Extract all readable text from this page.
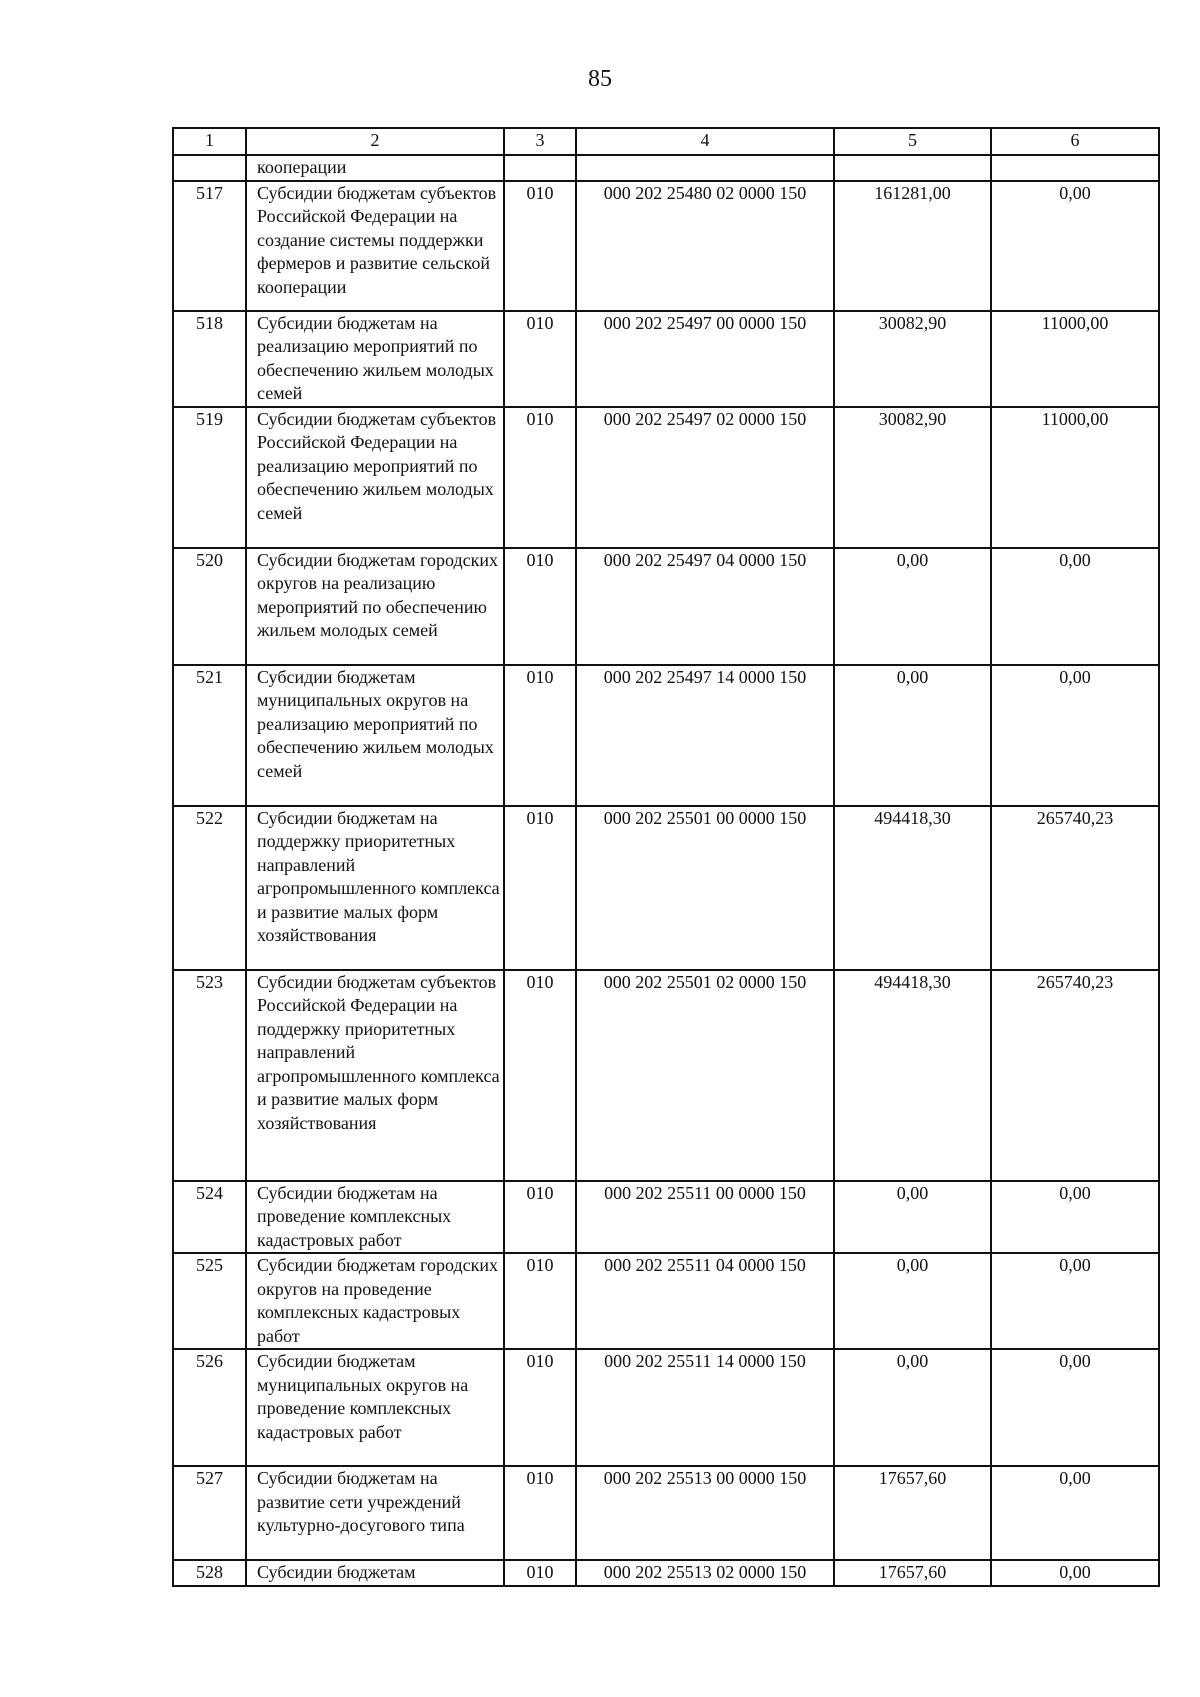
85
1	2	3	4	5	6
	кооперации				
517	Субсидии бюджетам субъектов Российской Федерации на создание системы поддержки фермеров и развитие сельской кооперации	010	000 202 25480 02 0000 150	161281,00	0,00
518	Субсидии бюджетам на реализацию мероприятий по обеспечению жильем молодых семей	010	000 202 25497 00 0000 150	30082,90	11000,00
519	Субсидии бюджетам субъектов Российской Федерации на реализацию мероприятий по обеспечению жильем молодых семей	010	000 202 25497 02 0000 150	30082,90	11000,00
520	Субсидии бюджетам городских округов на реализацию мероприятий по обеспечению жильем молодых семей	010	000 202 25497 04 0000 150	0,00	0,00
521	Субсидии бюджетам муниципальных округов на реализацию мероприятий по обеспечению жильем молодых семей	010	000 202 25497 14 0000 150	0,00	0,00
522	Субсидии бюджетам на поддержку приоритетных направлений агропромышленного комплекса и развитие малых форм хозяйствования	010	000 202 25501 00 0000 150	494418,30	265740,23
523	Субсидии бюджетам субъектов Российской Федерации на поддержку приоритетных направлений агропромышленного комплекса и развитие малых форм хозяйствования	010	000 202 25501 02 0000 150	494418,30	265740,23
524	Субсидии бюджетам на проведение комплексных кадастровых работ	010	000 202 25511 00 0000 150	0,00	0,00
525	Субсидии бюджетам городских округов на проведение комплексных кадастровых работ	010	000 202 25511 04 0000 150	0,00	0,00
526	Субсидии бюджетам муниципальных округов на проведение комплексных кадастровых работ	010	000 202 25511 14 0000 150	0,00	0,00
527	Субсидии бюджетам на развитие сети учреждений культурно-досугового типа	010	000 202 25513 00 0000 150	17657,60	0,00
528	Субсидии бюджетам	010	000 202 25513 02 0000 150	17657,60	0,00
